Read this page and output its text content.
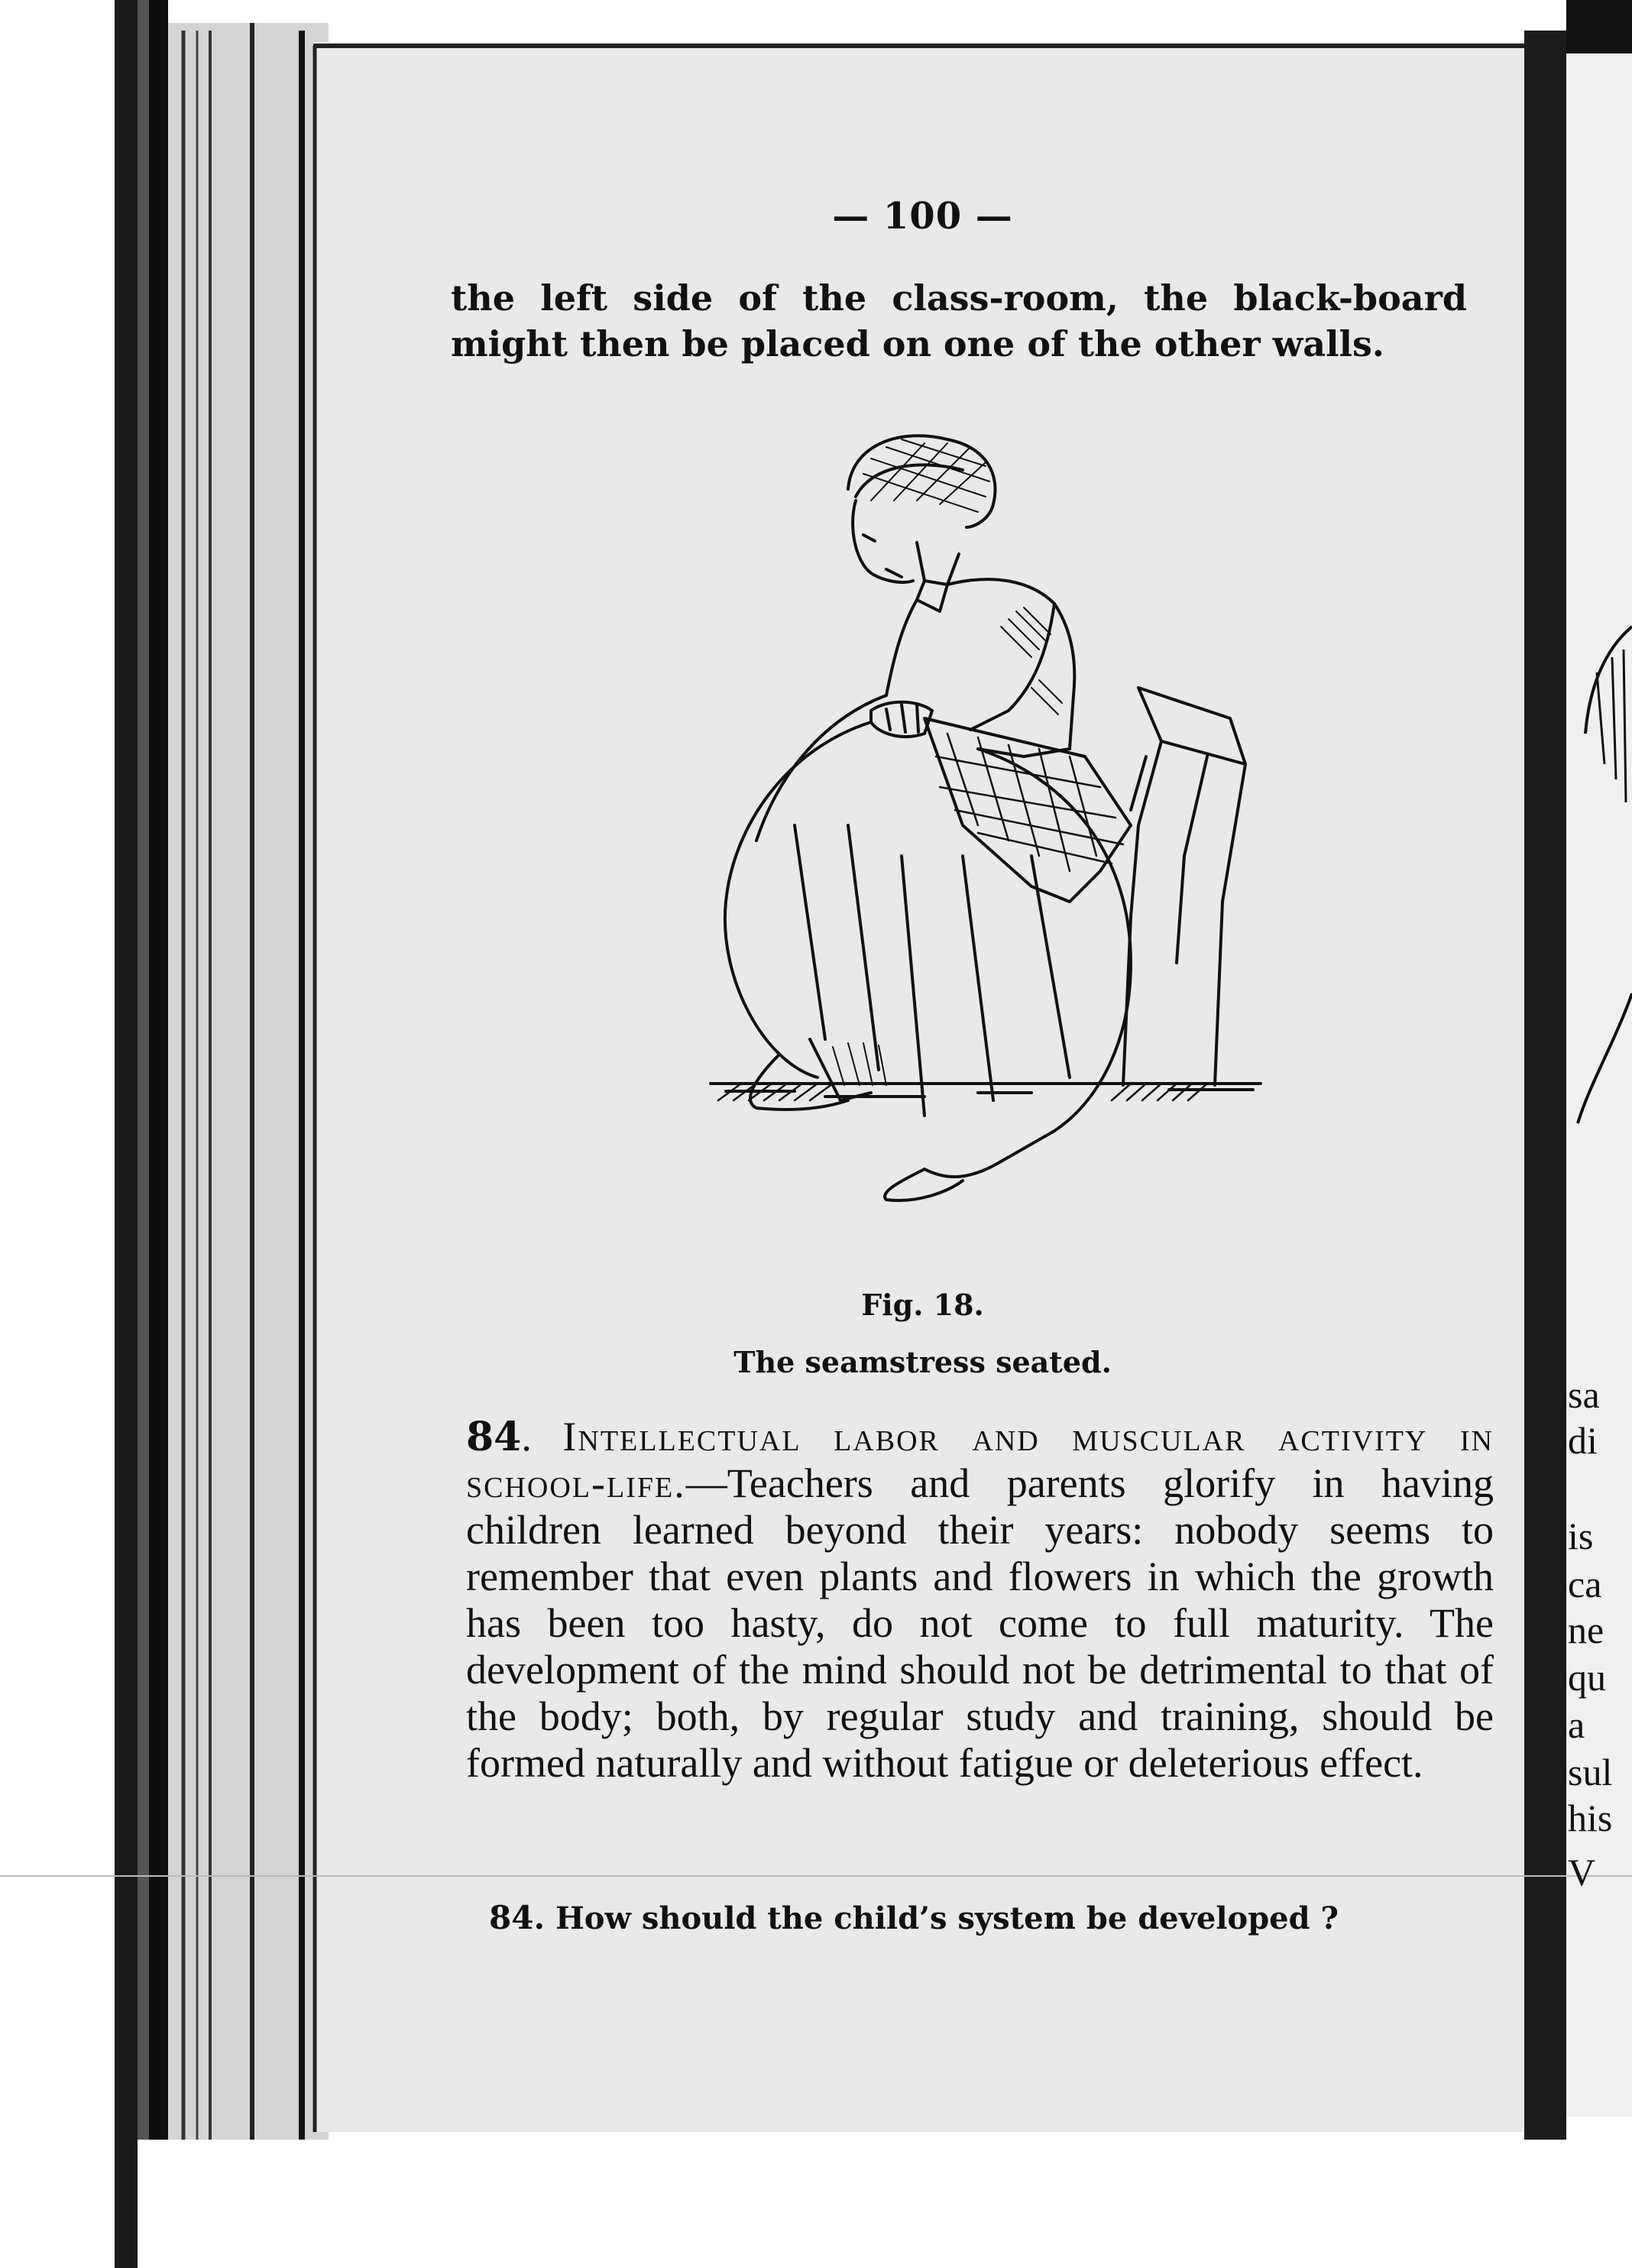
sa
di
is
ca
ne
qu
a
sul
his
V
— 100 —
the left side of the class-room, the black-board might then be placed on one of the other walls.
Fig. 18.
The seamstress seated.
84. Intellectual labor and muscular activity in school-life.—Teachers and parents glorify in having children learned beyond their years: nobody seems to remember that even plants and flowers in which the growth has been too hasty, do not come to full maturity. The development of the mind should not be detrimental to that of the body; both, by regular study and training, should be formed naturally and without fatigue or deleterious effect.
84. How should the child’s system be developed ?
